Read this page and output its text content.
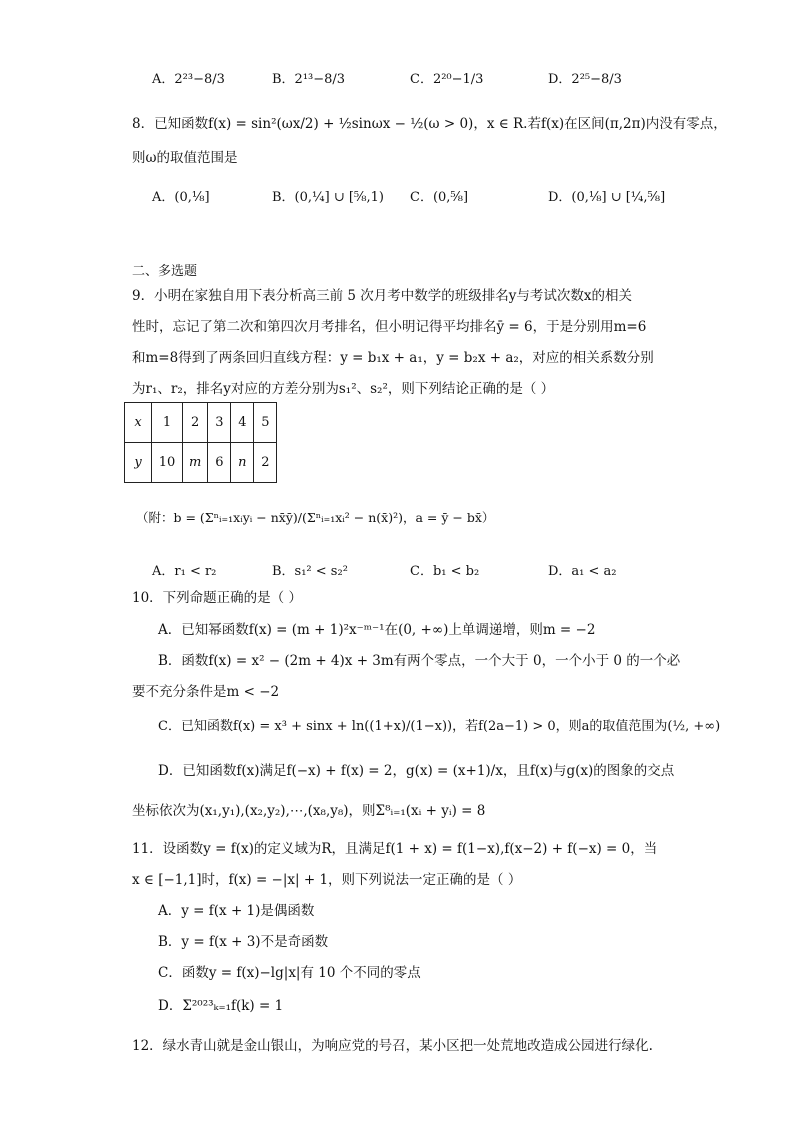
A．2²³−8/3	B．2¹³−8/3	C．2²⁰−1/3	D．2²⁵−8/3
8．已知函数f(x) = sin²(ωx/2) + ½sinωx − ½(ω > 0)，x ∈ R.若f(x)在区间(π,2π)内没有零点，
则ω的取值范围是
A．(0,⅛]	B．(0,¼] ∪ [⅝,1) C．(0,⅝]	D．(0,⅛] ∪ [¼,⅝]
二、多选题
9．小明在家独自用下表分析高三前 5 次月考中数学的班级排名y与考试次数x的相关
性时，忘记了第二次和第四次月考排名，但小明记得平均排名ȳ = 6，于是分别用m=6
和m=8得到了两条回归直线方程：y = b₁x + a₁，y = b₂x + a₂，对应的相关系数分别
为r₁、r₂，排名y对应的方差分别为s₁²、s₂²，则下列结论正确的是（ ）
x	1	2	3	4	5
y	10	m	6	n	2
（附：b = (Σⁿᵢ₌₁xᵢyᵢ − nx̄ȳ)/(Σⁿᵢ₌₁xᵢ² − n(x̄)²)，a = ȳ − bx̄）
A．r₁ < r₂	B．s₁² < s₂²	C．b₁ < b₂	D．a₁ < a₂
10．下列命题正确的是（ ）
A．已知幂函数f(x) = (m + 1)²x⁻ᵐ⁻¹在(0, +∞)上单调递增，则m = −2
B．函数f(x) = x² − (2m + 4)x + 3m有两个零点，一个大于 0，一个小于 0 的一个必
要不充分条件是m < −2
C．已知函数f(x) = x³ + sinx + ln((1+x)/(1−x))，若f(2a−1) > 0，则a的取值范围为(½, +∞)
D．已知函数f(x)满足f(−x) + f(x) = 2，g(x) = (x+1)/x，且f(x)与g(x)的图象的交点
坐标依次为(x₁,y₁),(x₂,y₂),⋯,(x₈,y₈)，则Σ⁸ᵢ₌₁(xᵢ + yᵢ) = 8
11．设函数y = f(x)的定义域为R，且满足f(1 + x) = f(1−x),f(x−2) + f(−x) = 0，当
x ∈ [−1,1]时，f(x) = −|x| + 1，则下列说法一定正确的是（ ）
A．y = f(x + 1)是偶函数
B．y = f(x + 3)不是奇函数
C．函数y = f(x)−lg|x|有 10 个不同的零点
D．Σ²⁰²³ₖ₌₁f(k) = 1
12．绿水青山就是金山银山，为响应党的号召，某小区把一处荒地改造成公园进行绿化.
